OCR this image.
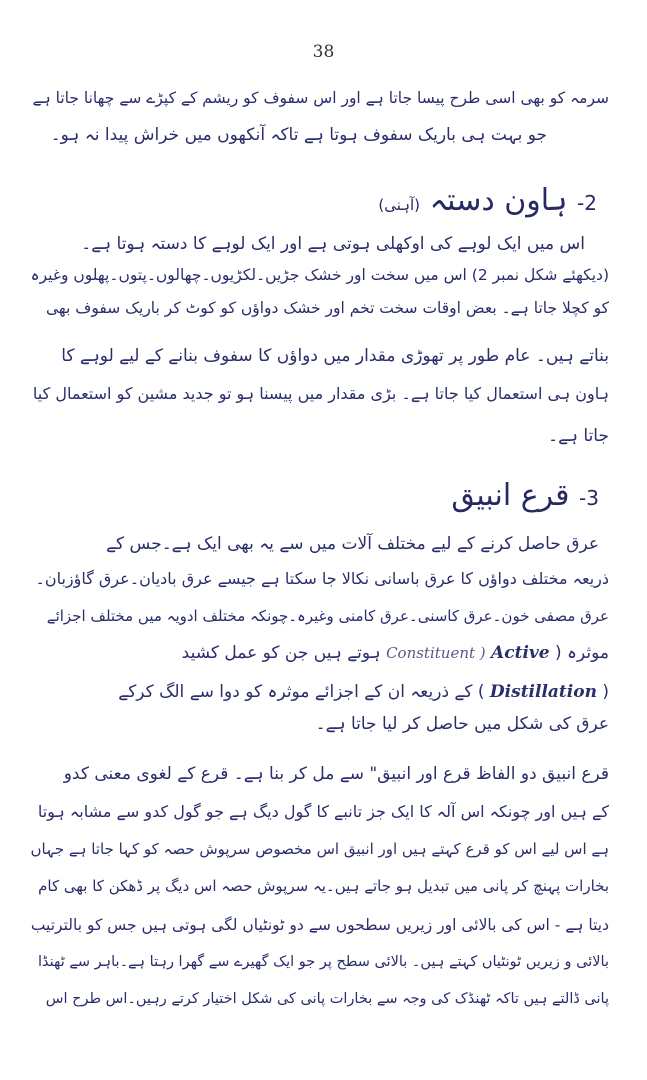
38
سرمہ کو بھی اسی طرح پیسا جاتا ہے اور اس سفوف کو ریشم کے کپڑے سے چھانا جاتا ہے
جو بہت ہی باریک سفوف ہوتا ہے تاکہ آنکھوں میں خراش پیدا نہ ہو۔
2- ہاون دستہ (آہنی)
اس میں ایک لوہے کی اوکھلی ہوتی ہے اور ایک لوہے کا دستہ ہوتا ہے۔
(دیکھئے شکل نمبر 2) اس میں سخت اور خشک جڑیں۔لکڑیوں۔چھالوں۔پتوں۔پھلوں وغیرہ
کو کچلا جاتا ہے۔ بعض اوقات سخت تخم اور خشک دواؤں کو کوٹ کر باریک سفوف بھی
بناتے ہیں۔ عام طور پر تھوڑی مقدار میں دواؤں کا سفوف بنانے کے لیے لوہے کا
ہاون ہی استعمال کیا جاتا ہے۔ بڑی مقدار میں پیسنا ہو تو جدید مشین کو استعمال کیا
جاتا ہے۔
3- قرع انبیق
عرق حاصل کرنے کے لیے مختلف آلات میں سے یہ بھی ایک ہے۔جس کے
ذریعہ مختلف دواؤں کا عرق باسانی نکالا جا سکتا ہے جیسے عرق بادیان۔عرق گاؤزبان۔
عرق مصفی خون۔عرق کاسنی۔عرق کامنی وغیرہ۔چونکہ مختلف ادویہ میں مختلف اجزائے
موثرہ ( Active Constituent ) ہوتے ہیں جن کو عمل کشید
( Distillation ) کے ذریعہ ان کے اجزائے موثرہ کو دوا سے الگ کرکے
عرق کی شکل میں حاصل کر لیا جاتا ہے۔
قرع انبیق دو الفاظ قرع اور انبیق" سے مل کر بنا ہے۔ قرع کے لغوی معنی کدو
کے ہیں اور چونکہ اس آلہ کا ایک جز تانبے کا گول دیگ ہے جو گول کدو سے مشابہ ہوتا
ہے اس لیے اس کو قرع کہتے ہیں اور انبیق اس مخصوص سرپوش حصہ کو کہا جاتا ہے جہاں
بخارات پہنچ کر پانی میں تبدیل ہو جاتے ہیں۔یہ سرپوش حصہ اس دیگ پر ڈھکن کا بھی کام
دیتا ہے - اس کی بالائی اور زیریں سطحوں سے دو ٹونٹیاں لگی ہوتی ہیں جس کو بالترتیب
بالائی و زیریں ٹونٹیاں کہتے ہیں۔ بالائی سطح پر جو ایک گھیرے سے گھرا رہتا ہے۔باہر سے ٹھنڈا
پانی ڈالتے ہیں تاکہ ٹھنڈک کی وجہ سے بخارات پانی کی شکل اختیار کرتے رہیں۔اس طرح اس
